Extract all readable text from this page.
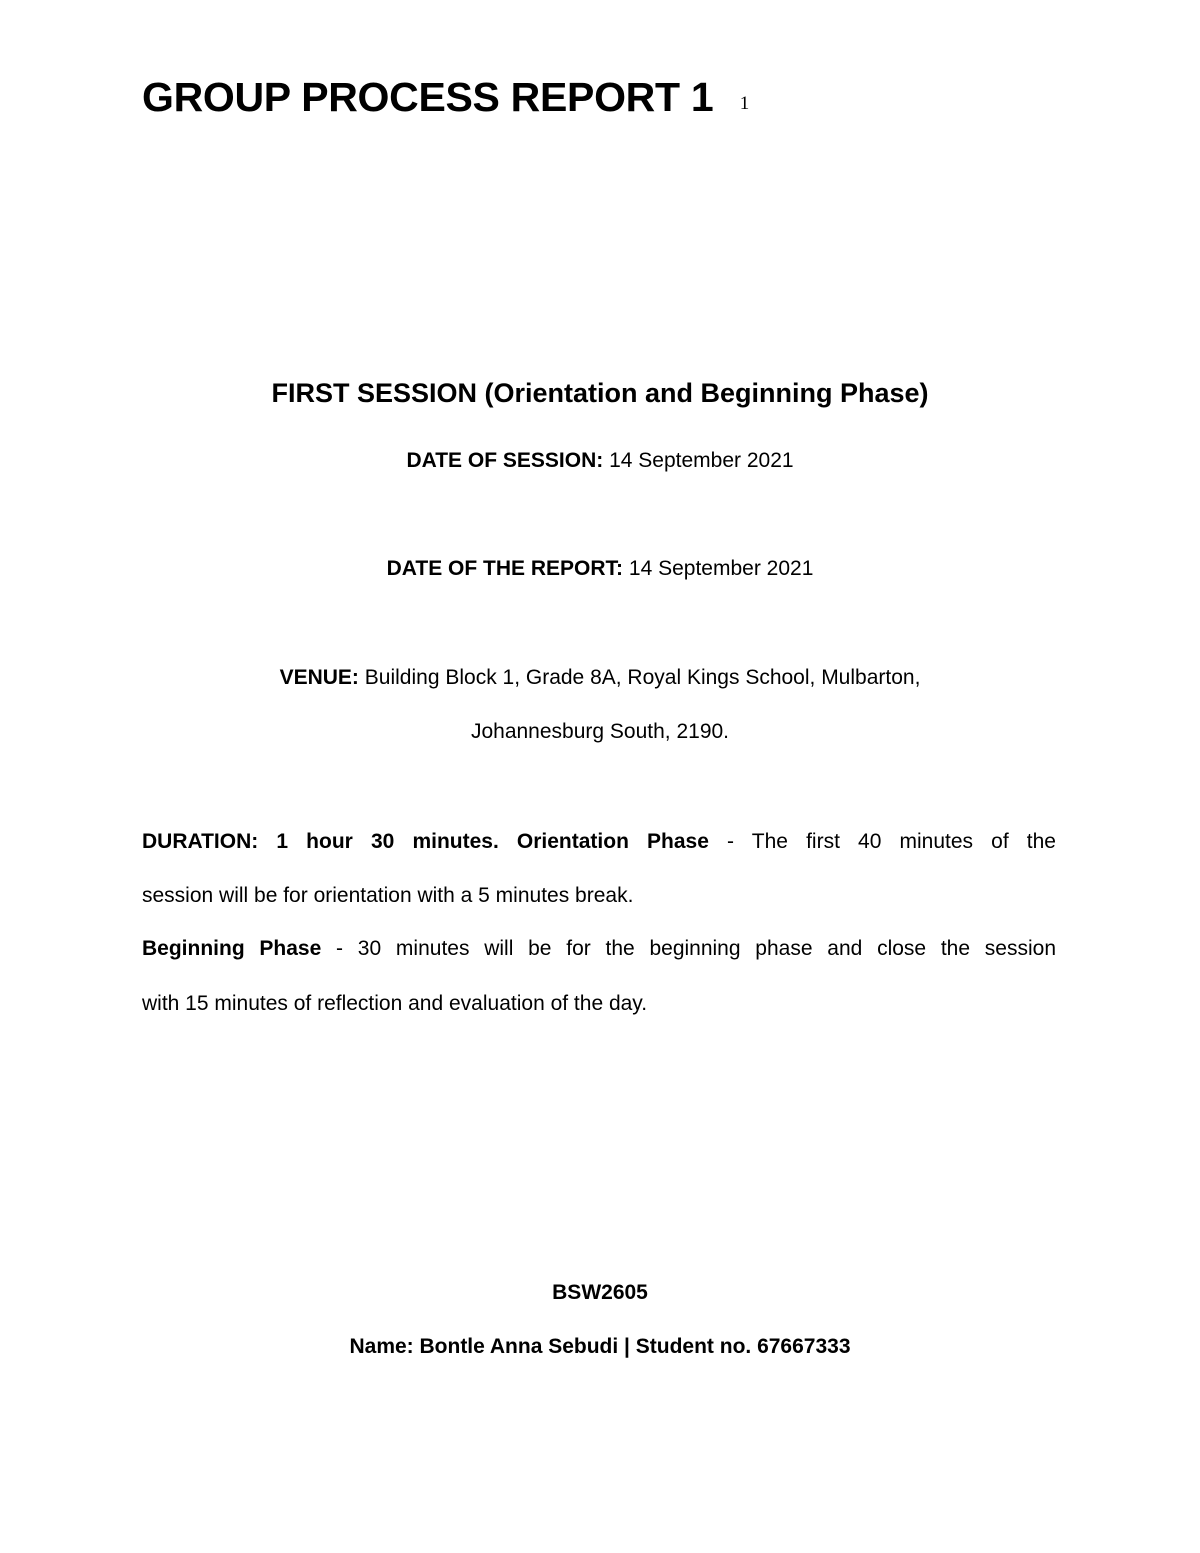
GROUP PROCESS REPORT 1 1
FIRST SESSION (Orientation and Beginning Phase)
DATE OF SESSION: 14 September 2021
DATE OF THE REPORT: 14 September 2021
VENUE: Building Block 1, Grade 8A, Royal Kings School, Mulbarton,
Johannesburg South, 2190.
DURATION: 1 hour 30 minutes. Orientation Phase - The first 40 minutes of the
session will be for orientation with a 5 minutes break.
Beginning Phase - 30 minutes will be for the beginning phase and close the session
with 15 minutes of reflection and evaluation of the day.
BSW2605
Name: Bontle Anna Sebudi | Student no. 67667333
